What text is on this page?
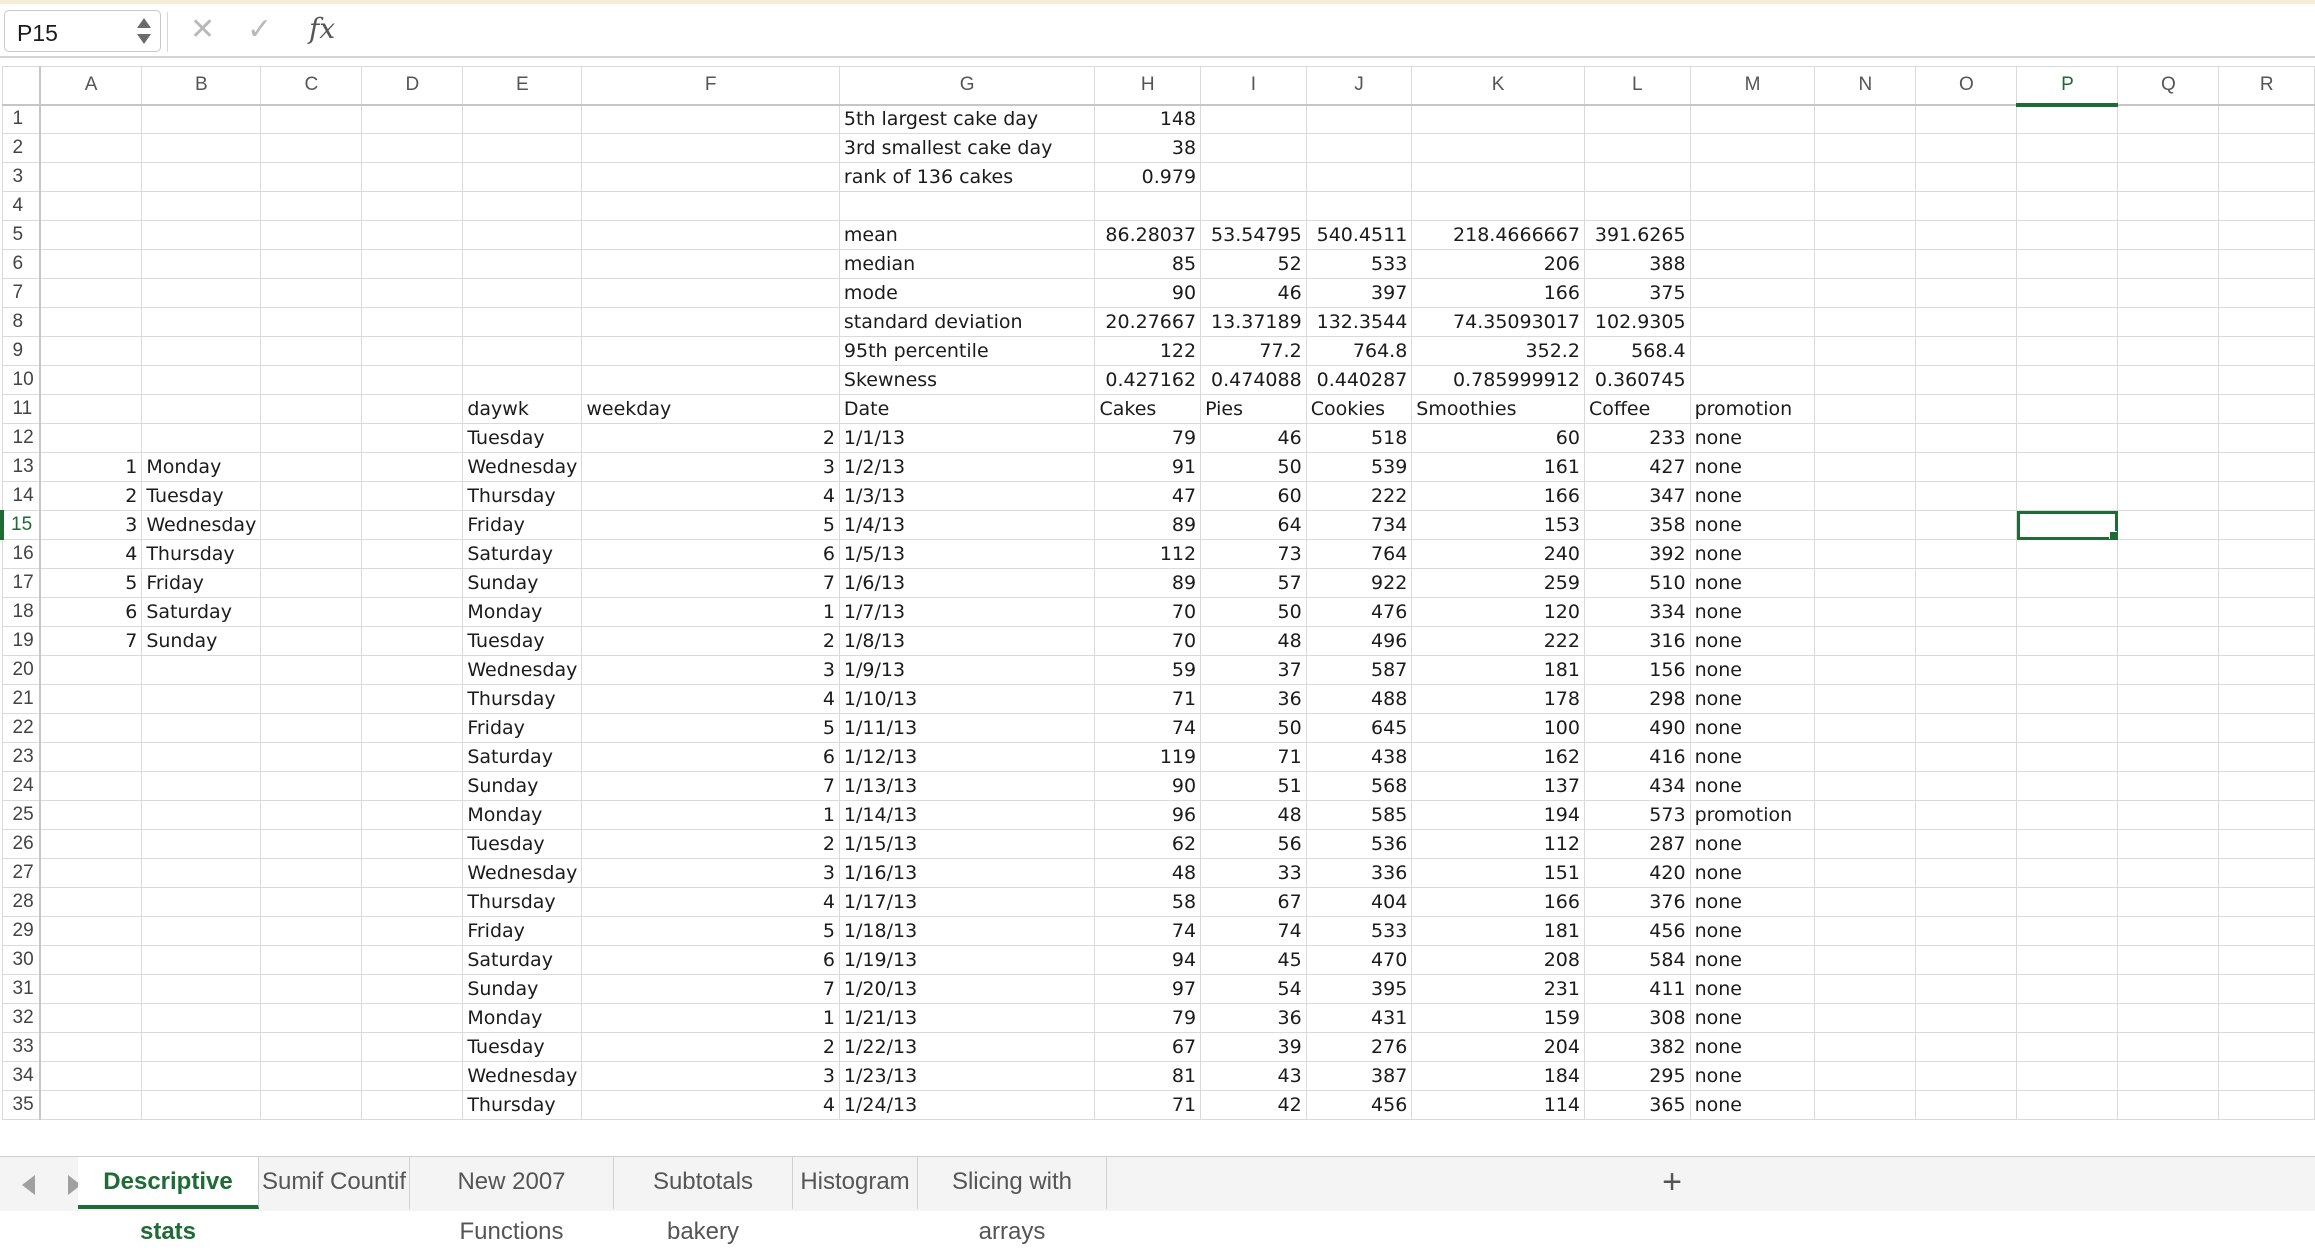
P15	✕ ✓ fx
	A	B	C	D	E	F	G	H	I	J	K	L	M	N	O	P	Q	R
1							5th largest cake day	148										
2							3rd smallest cake day	38										
3							rank of 136 cakes	0.979										
4																		
5							mean	86.28037	53.54795	540.4511	218.4666667	391.6265						
6							median	85	52	533	206	388						
7							mode	90	46	397	166	375						
8							standard deviation	20.27667	13.37189	132.3544	74.35093017	102.9305						
9							95th percentile	122	77.2	764.8	352.2	568.4						
10							Skewness	0.427162	0.474088	0.440287	0.785999912	0.360745						
11					daywk	weekday	Date	Cakes	Pies	Cookies	Smoothies	Coffee	promotion					
12					Tuesday	2	1/1/13	79	46	518	60	233	none					
13	1	Monday			Wednesday	3	1/2/13	91	50	539	161	427	none					
14	2	Tuesday			Thursday	4	1/3/13	47	60	222	166	347	none					
15	3	Wednesday			Friday	5	1/4/13	89	64	734	153	358	none			

16	4	Thursday			Saturday	6	1/5/13	112	73	764	240	392	none					
17	5	Friday			Sunday	7	1/6/13	89	57	922	259	510	none					
18	6	Saturday			Monday	1	1/7/13	70	50	476	120	334	none					
19	7	Sunday			Tuesday	2	1/8/13	70	48	496	222	316	none					
20					Wednesday	3	1/9/13	59	37	587	181	156	none					
21					Thursday	4	1/10/13	71	36	488	178	298	none					
22					Friday	5	1/11/13	74	50	645	100	490	none					
23					Saturday	6	1/12/13	119	71	438	162	416	none					
24					Sunday	7	1/13/13	90	51	568	137	434	none					
25					Monday	1	1/14/13	96	48	585	194	573	promotion					
26					Tuesday	2	1/15/13	62	56	536	112	287	none					
27					Wednesday	3	1/16/13	48	33	336	151	420	none					
28					Thursday	4	1/17/13	58	67	404	166	376	none					
29					Friday	5	1/18/13	74	74	533	181	456	none					
30					Saturday	6	1/19/13	94	45	470	208	584	none					
31					Sunday	7	1/20/13	97	54	395	231	411	none					
32					Monday	1	1/21/13	79	36	431	159	308	none					
33					Tuesday	2	1/22/13	67	39	276	204	382	none					
34					Wednesday	3	1/23/13	81	43	387	184	295	none					
35					Thursday	4	1/24/13	71	42	456	114	365	none					
Descriptive stats
Sumif Countif	New 2007 Functions
Subtotals bakery
Histogram	Slicing with arrays
+
